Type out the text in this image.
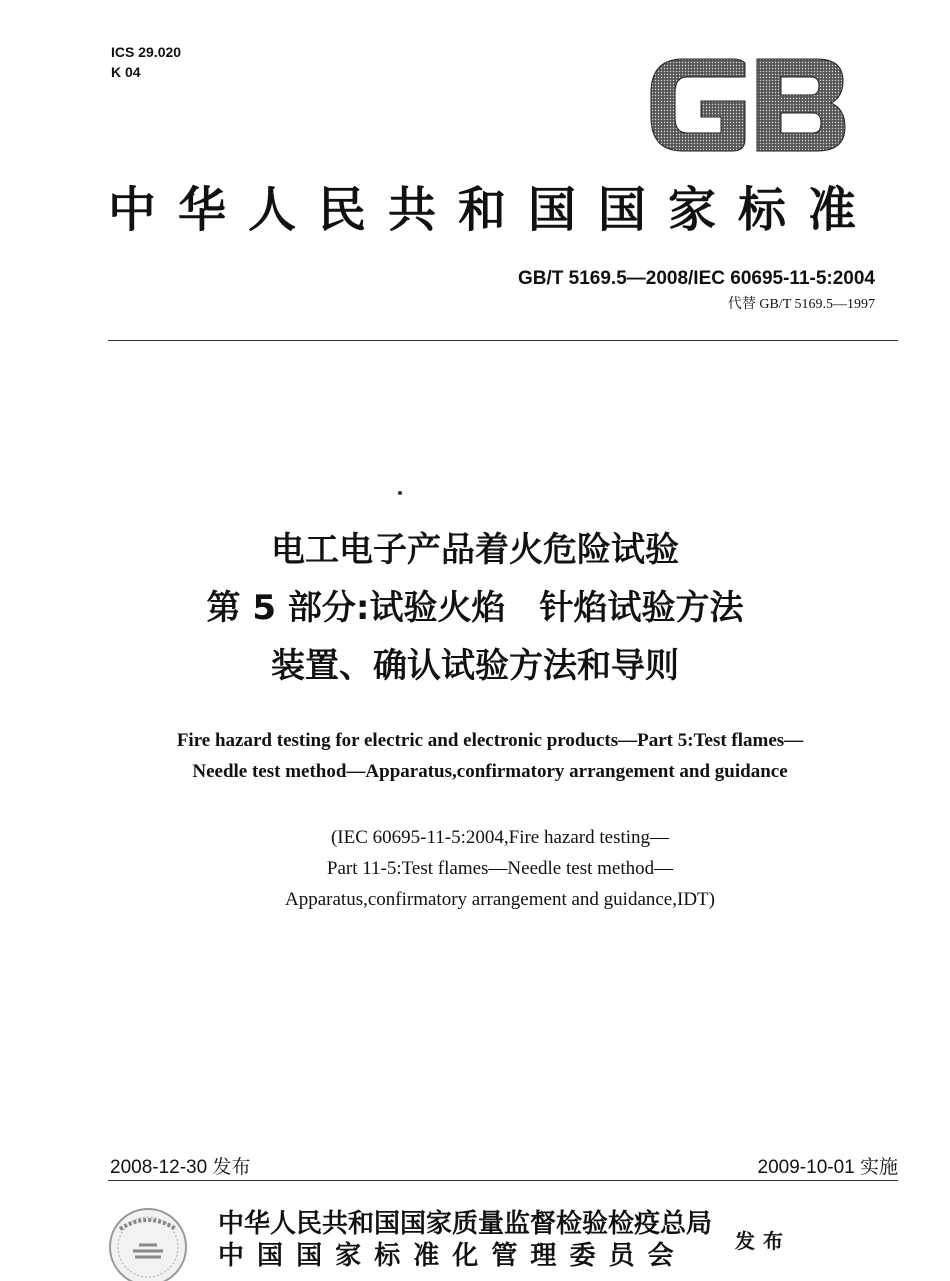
ICS 29.020
K 04
中华人民共和国国家标准
GB/T 5169.5—2008/IEC 60695-11-5:2004
代替 GB/T 5169.5—1997
电工电子产品着火危险试验
第 5 部分:试验火焰　针焰试验方法
装置、确认试验方法和导则
Fire hazard testing for electric and electronic products—Part 5:Test flames—
Needle test method—Apparatus,confirmatory arrangement and guidance
(IEC 60695-11-5:2004,Fire hazard testing—
Part 11-5:Test flames—Needle test method—
Apparatus,confirmatory arrangement and guidance,IDT)
2008-12-30 发布	2009-10-01 实施
中华人民共和国国家质量监督检验检疫总局
中 国 国 家 标 准 化 管 理 委 员 会	发布
